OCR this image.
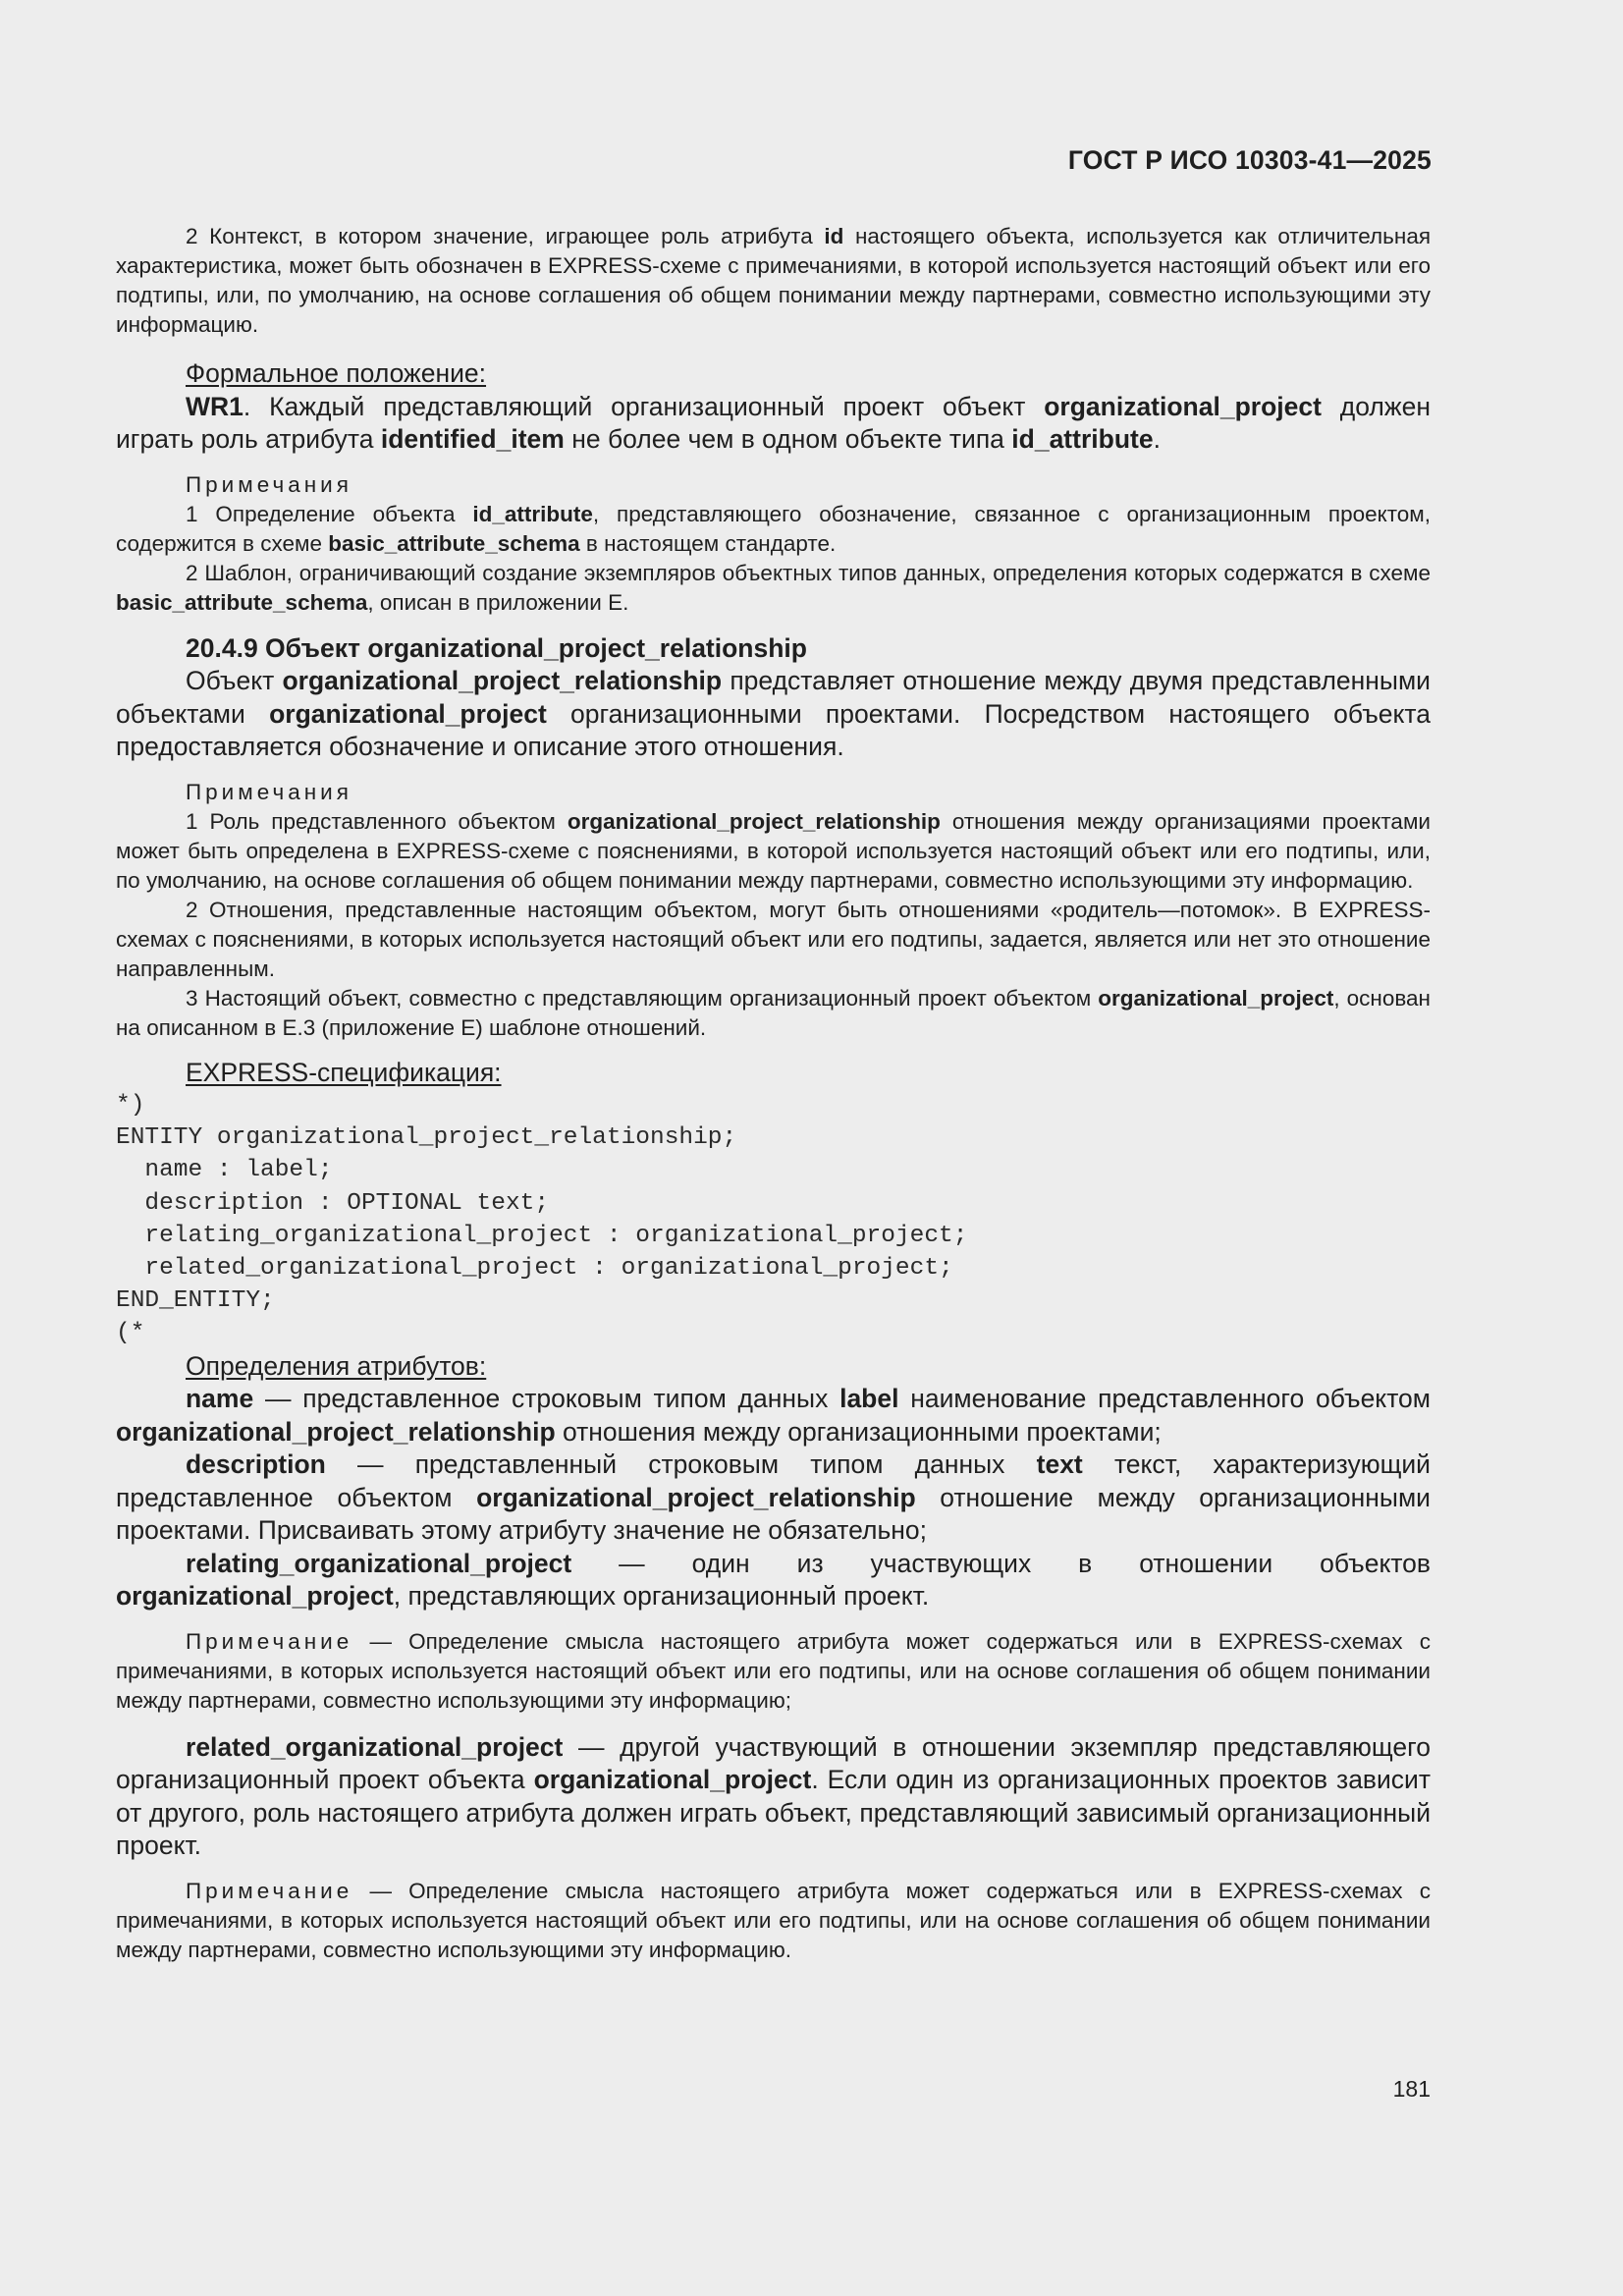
ГОСТ Р ИСО 10303-41—2025

2 Контекст, в котором значение, играющее роль атрибута id настоящего объекта, используется как отличительная характеристика, может быть обозначен в EXPRESS-схеме с примечаниями, в которой используется настоящий объект или его подтипы, или, по умолчанию, на основе соглашения об общем понимании между партнерами, совместно использующими эту информацию.

Формальное положение:

WR1. Каждый представляющий организационный проект объект organizational_project должен играть роль атрибута identified_item не более чем в одном объекте типа id_attribute.

Примечания

1 Определение объекта id_attribute, представляющего обозначение, связанное с организационным проектом, содержится в схеме basic_attribute_schema в настоящем стандарте.

2 Шаблон, ограничивающий создание экземпляров объектных типов данных, определения которых содержатся в схеме basic_attribute_schema, описан в приложении E.

20.4.9 Объект organizational_project_relationship

Объект organizational_project_relationship представляет отношение между двумя представленными объектами organizational_project организационными проектами. Посредством настоящего объекта предоставляется обозначение и описание этого отношения.

Примечания

1 Роль представленного объектом organizational_project_relationship отношения между организациями проектами может быть определена в EXPRESS-схеме с пояснениями, в которой используется настоящий объект или его подтипы, или, по умолчанию, на основе соглашения об общем понимании между партнерами, совместно использующими эту информацию.

2 Отношения, представленные настоящим объектом, могут быть отношениями «родитель—потомок». В EXPRESS-схемах с пояснениями, в которых используется настоящий объект или его подтипы, задается, является или нет это отношение направленным.

3 Настоящий объект, совместно с представляющим организационный проект объектом organizational_project, основан на описанном в E.3 (приложение E) шаблоне отношений.

EXPRESS-спецификация:

*)
ENTITY organizational_project_relationship;
name : label;
description : OPTIONAL text;
relating_organizational_project : organizational_project;
related_organizational_project : organizational_project;
END_ENTITY;
(*

Определения атрибутов:

name — представленное строковым типом данных label наименование представленного объектом organizational_project_relationship отношения между организационными проектами;

description — представленный строковым типом данных text текст, характеризующий представленное объектом organizational_project_relationship отношение между организационными проектами. Присваивать этому атрибуту значение не обязательно;

relating_organizational_project — один из участвующих в отношении объектов organizational_project, представляющих организационный проект.

Примечание — Определение смысла настоящего атрибута может содержаться или в EXPRESS-схемах с примечаниями, в которых используется настоящий объект или его подтипы, или на основе соглашения об общем понимании между партнерами, совместно использующими эту информацию;

related_organizational_project — другой участвующий в отношении экземпляр представляющего организационный проект объекта organizational_project. Если один из организационных проектов зависит от другого, роль настоящего атрибута должен играть объект, представляющий зависимый организационный проект.

Примечание — Определение смысла настоящего атрибута может содержаться или в EXPRESS-схемах с примечаниями, в которых используется настоящий объект или его подтипы, или на основе соглашения об общем понимании между партнерами, совместно использующими эту информацию.

181
